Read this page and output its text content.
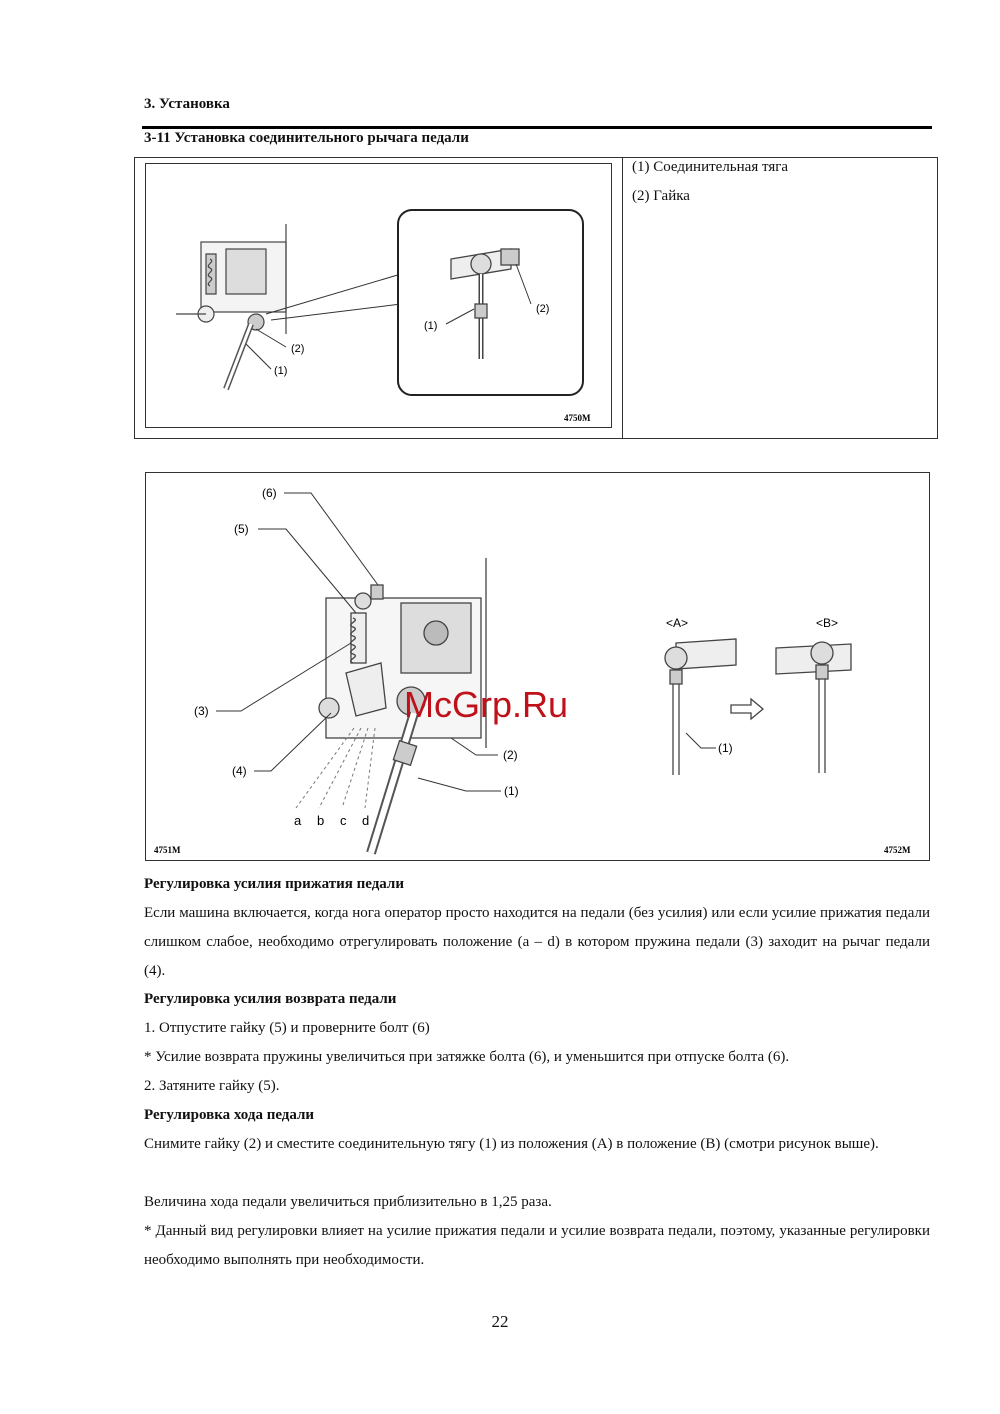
3. Установка
3-11 Установка соединительного рычага педали
(1)
(2)
(2)
(1)
4750M
(1) Соединительная тяга
(2) Гайка
a b c d
(6)
(5)
(3)
(4)
(2)
(1)
<A>	<B>
(1)
4751M	4752M
McGrp.Ru
Регулировка усилия прижатия педали
Если машина включается, когда нога оператор просто находится на педали (без усилия) или если усилие прижатия педали слишком слабое, необходимо отрегулировать положение (a – d) в котором пружина педали (3) заходит на рычаг педали (4).
Регулировка усилия возврата педали
1. Отпустите гайку (5) и проверните болт (6)
* Усилие возврата пружины увеличиться при затяжке болта (6), и уменьшится при отпуске болта (6).
2. Затяните гайку (5).
Регулировка хода педали
Снимите гайку (2) и сместите соединительную тягу (1) из положения (A) в положение (B) (смотри рисунок выше).
Величина хода педали увеличиться приблизительно в 1,25 раза.
* Данный вид регулировки влияет на усилие прижатия педали и усилие возврата педали, поэтому, указанные регулировки необходимо выполнять при необходимости.
22
